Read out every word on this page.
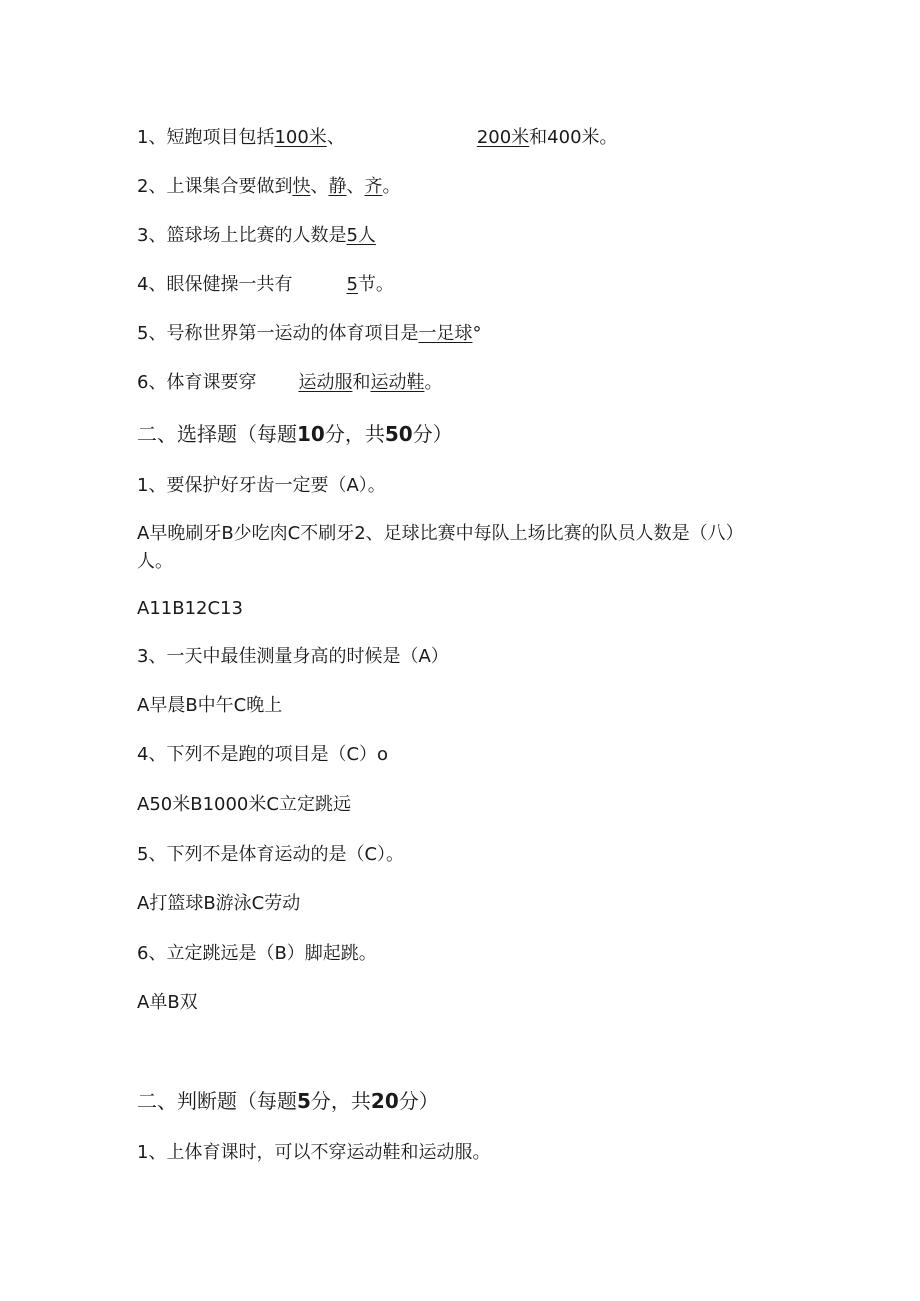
1、短跑项目包括100米、	200米和400米。

2、上课集合要做到快、静、齐。

3、篮球场上比赛的人数是5人

4、眼保健操一共有	5节。

5、号称世界第一运动的体育项目是一足球°

6、体育课要穿 运动服和运动鞋。

二、选择题（每题10分，共50分）

1、要保护好牙齿一定要（A）。

A早晚刷牙B少吃肉C不刷牙2、足球比赛中每队上场比赛的队员人数是（八）人。

A11B12C13

3、一天中最佳测量身高的时候是（A）

A早晨B中午C晚上

4、下列不是跑的项目是（C）o

A50米B1000米C立定跳远

5、下列不是体育运动的是（C）。

A打篮球B游泳C劳动

6、立定跳远是（B）脚起跳。

A单B双

二、判断题（每题5分，共20分）

1、上体育课时，可以不穿运动鞋和运动服。
